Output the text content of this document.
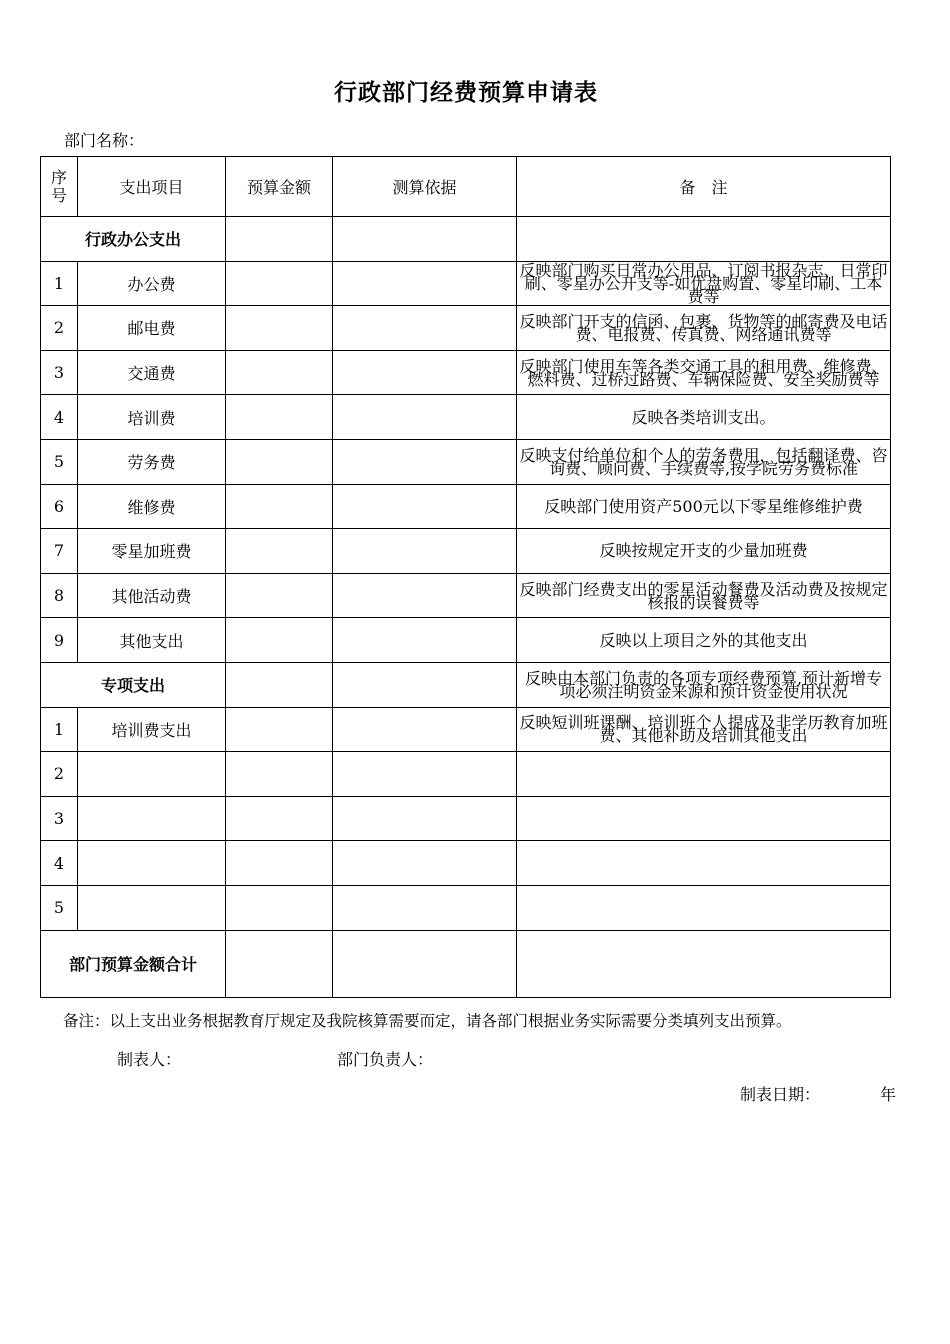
行政部门经费预算申请表
部门名称：
序
号	支出项目	预算金额	测算依据	备　注
行政办公支出				
1	办公费			反映部门购买日常办公用品、订阅书报杂志、日常印刷、零星办公开支等-如优盘购置、零星印刷、工本费等
2	邮电费			反映部门开支的信函、包裹、货物等的邮寄费及电话费、电报费、传真费、网络通讯费等
3	交通费			反映部门使用车等各类交通工具的租用费、维修费、燃料费、过桥过路费、车辆保险费、安全奖励费等
4	培训费			反映各类培训支出。
5	劳务费			反映支付给单位和个人的劳务费用，包括翻译费、咨询费、顾问费、手续费等,按学院劳务费标准
6	维修费			反映部门使用资产500元以下零星维修维护费
7	零星加班费			反映按规定开支的少量加班费
8	其他活动费			反映部门经费支出的零星活动餐费及活动费及按规定核报的误餐费等
9	其他支出			反映以上项目之外的其他支出
专项支出				反映由本部门负责的各项专项经费预算,预计新增专项必须注明资金来源和预计资金使用状况
1	培训费支出			反映短训班课酬、培训班个人提成及非学历教育加班费、其他补助及培训其他支出
2				
3				
4				
5				
部门预算金额合计				
备注：以上支出业务根据教育厅规定及我院核算需要而定，请各部门根据业务实际需要分类填列支出预算。
制表人：	部门负责人：
制表日期：	年
